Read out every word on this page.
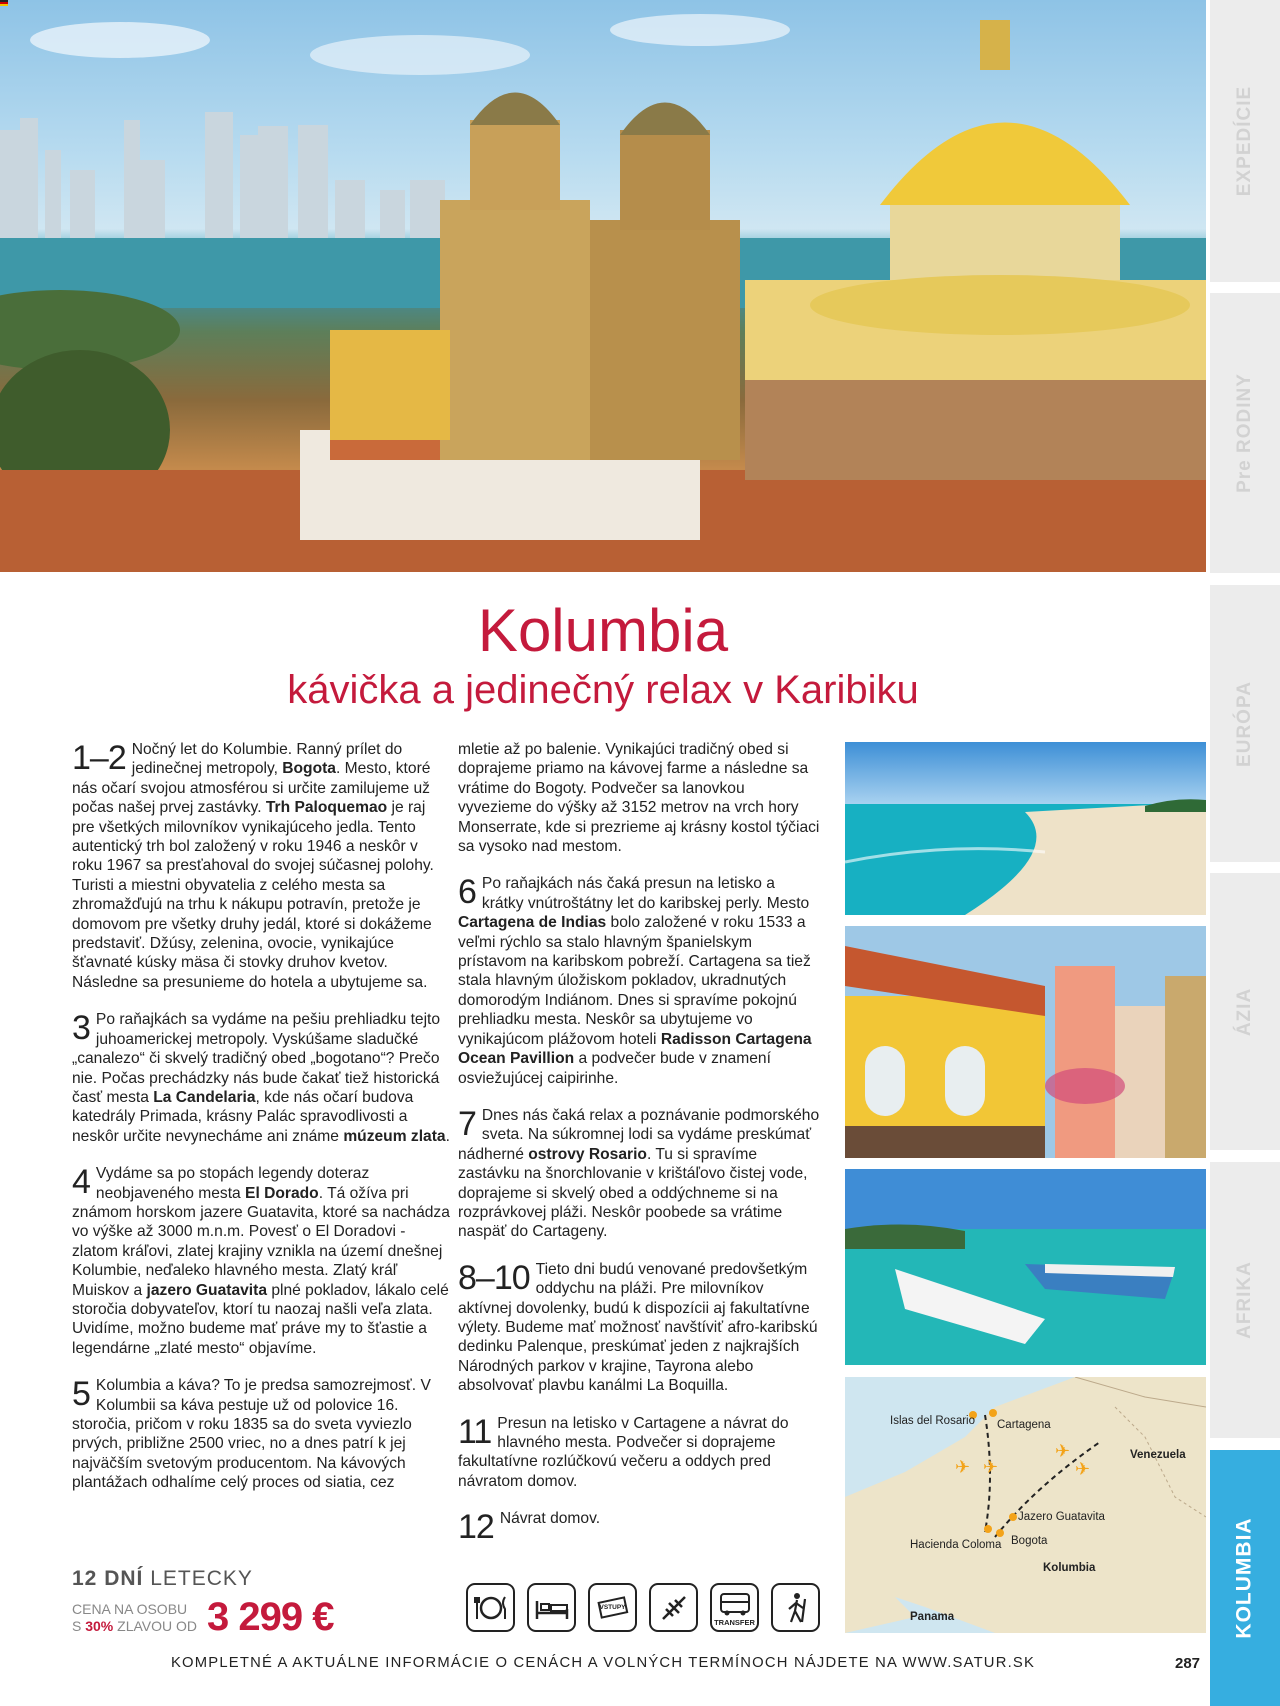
EXPEDÍCIE
Pre RODINY
EURÓPA
ÁZIA
AFRIKA
KOLUMBIA
Kolumbia
kávička a jedinečný relax v Karibiku

1–2 Nočný let do Kolumbie. Ranný prílet do jedinečnej metropoly, Bogota. Mesto, ktoré nás očarí svojou atmosférou si určite zamilujeme už počas našej prvej zastávky. Trh Paloquemao je raj pre všetkých milovníkov vynikajúceho jedla. Tento autentický trh bol založený v roku 1946 a neskôr v roku 1967 sa presťahoval do svojej súčasnej polohy. Turisti a miestni obyvatelia z celého mesta sa zhromažďujú na trhu k nákupu potravín, pretože je domovom pre všetky druhy jedál, ktoré si dokážeme predstaviť. Džúsy, zelenina, ovocie, vynikajúce šťavnaté kúsky mäsa či stovky druhov kvetov. Následne sa presunieme do hotela a ubytujeme sa.

3 Po raňajkách sa vydáme na pešiu prehliadku tejto juhoamerickej metropoly. Vyskúšame sladučké „canalezo“ či skvelý tradičný obed „bogotano“? Prečo nie. Počas prechádzky nás bude čakať tiež historická časť mesta La Candelaria, kde nás očarí budova katedrály Primada, krásny Palác spravodlivosti a neskôr určite nevynecháme ani známe múzeum zlata.

4 Vydáme sa po stopách legendy doteraz neobjaveného mesta El Dorado. Tá ožíva pri známom horskom jazere Guatavita, ktoré sa nachádza vo výške až 3000 m.n.m. Povesť o El Doradovi - zlatom kráľovi, zlatej krajiny vznikla na území dnešnej Kolumbie, neďaleko hlavného mesta. Zlatý kráľ Muiskov a jazero Guatavita plné pokladov, lákalo celé storočia dobyvateľov, ktorí tu naozaj našli veľa zlata. Uvidíme, možno budeme mať práve my to šťastie a legendárne „zlaté mesto“ objavíme.

5 Kolumbia a káva? To je predsa samozrejmosť. V Kolumbii sa káva pestuje už od polovice 16. storočia, pričom v roku 1835 sa do sveta vyviezlo prvých, približne 2500 vriec, no a dnes patrí k jej najväčším svetovým producentom. Na kávových plantážach odhalíme celý proces od siatia, cez

mletie až po balenie. Vynikajúci tradičný obed si doprajeme priamo na kávovej farme a následne sa vrátime do Bogoty. Podvečer sa lanovkou vyvezieme do výšky až 3152 metrov na vrch hory Monserrate, kde si prezrieme aj krásny kostol týčiaci sa vysoko nad mestom.

6 Po raňajkách nás čaká presun na letisko a krátky vnútroštátny let do karibskej perly. Mesto Cartagena de Indias bolo založené v roku 1533 a veľmi rýchlo sa stalo hlavným španielskym prístavom na karibskom pobreží. Cartagena sa tiež stala hlavným úložiskom pokladov, ukradnutých domorodým Indiánom. Dnes si spravíme pokojnú prehliadku mesta. Neskôr sa ubytujeme vo vynikajúcom plážovom hoteli Radisson Cartagena Ocean Pavillion a podvečer bude v znamení osviežujúcej caipirinhe.

7 Dnes nás čaká relax a poznávanie podmorského sveta. Na súkromnej lodi sa vydáme preskúmať nádherné ostrovy Rosario. Tu si spravíme zastávku na šnorchlovanie v krištáľovo čistej vode, doprajeme si skvelý obed a oddýchneme si na rozprávkovej pláži. Neskôr poobede sa vrátime naspäť do Cartageny.

8–10 Tieto dni budú venované predovšetkým oddychu na pláži. Pre milovníkov aktívnej dovolenky, budú k dispozícii aj fakultatívne výlety. Budeme mať možnosť navštíviť afro-karibskú dedinku Palenque, preskúmať jeden z najkrajších Národných parkov v krajine, Tayrona alebo absolvovať plavbu kanálmi La Boquilla.

11 Presun na letisko v Cartagene a návrat do hlavného mesta. Podvečer si doprajeme fakultatívne rozlúčkovú večeru a oddych pred návratom domov.

12 Návrat domov.

✈ ✈
✈
✈
Islas del Rosario Cartagena
Venezuela
Jazero Guatavita
Hacienda Coloma Bogota
Kolumbia
Panama
12 DNÍ LETECKY
CENA NA OSOBU
S 30% ZLAVOU OD 3 299 €	VSTUPY
TRANSFER
KOMPLETNÉ A AKTUÁLNE INFORMÁCIE O CENÁCH A VOLNÝCH TERMÍNOCH NÁJDETE NA WWW.SATUR.SK	287
